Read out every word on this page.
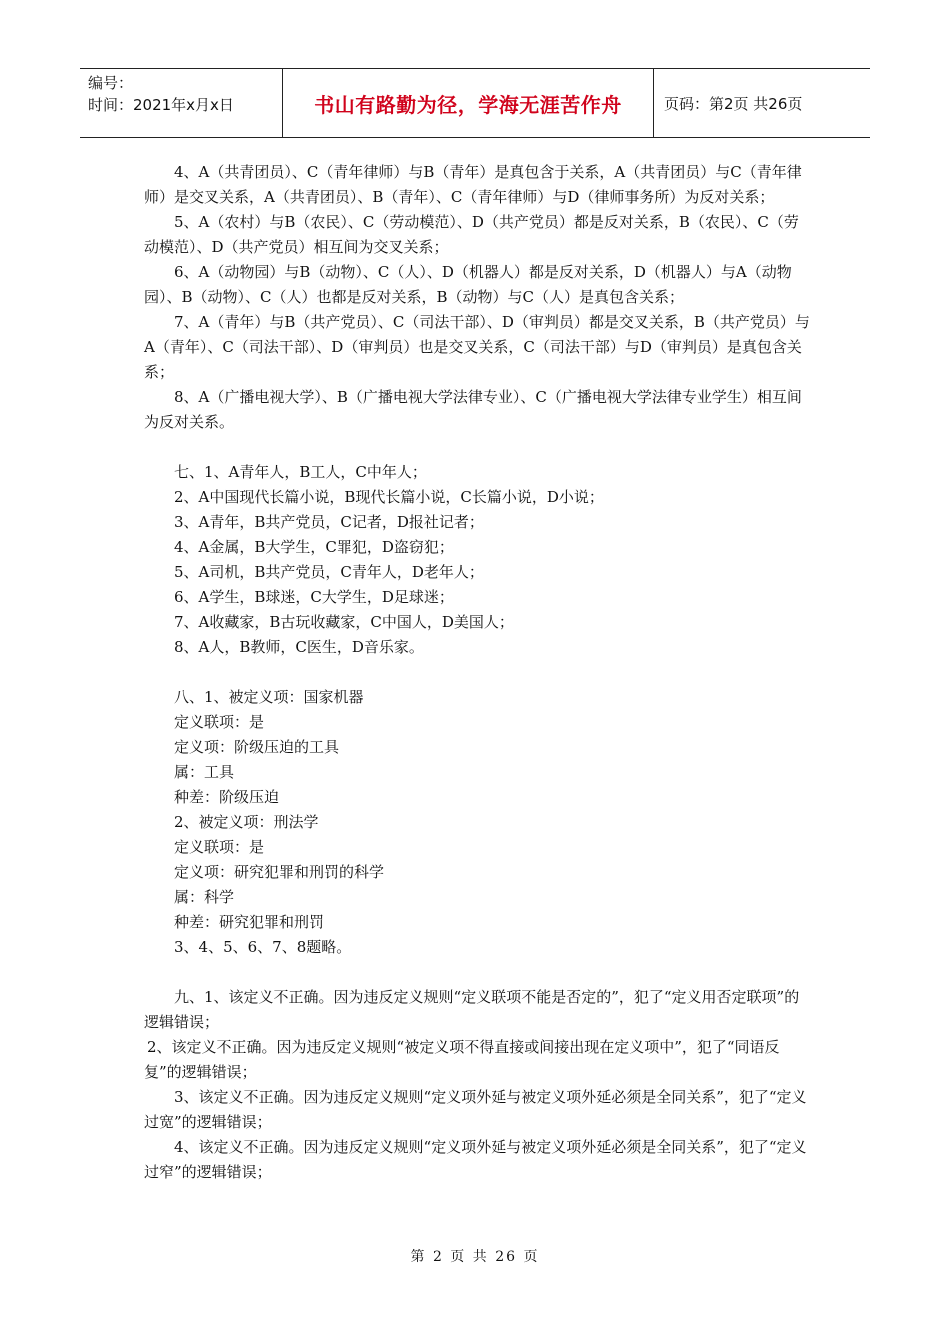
编号：
时间：2021年x月x日	书山有路勤为径，学海无涯苦作舟	页码：第2页 共26页

4、A（共青团员）、C（青年律师）与B（青年）是真包含于关系，A（共青团员）与C（青年律师）是交叉关系，A（共青团员）、B（青年）、C（青年律师）与D（律师事务所）为反对关系；

5、A（农村）与B（农民）、C（劳动模范）、D（共产党员）都是反对关系，B（农民）、C（劳动模范）、D（共产党员）相互间为交叉关系；

6、A（动物园）与B（动物）、C（人）、D（机器人）都是反对关系，D（机器人）与A（动物园）、B（动物）、C（人）也都是反对关系，B（动物）与C（人）是真包含关系；

7、A（青年）与B（共产党员）、C（司法干部）、D（审判员）都是交叉关系，B（共产党员）与A（青年）、C（司法干部）、D（审判员）也是交叉关系，C（司法干部）与D（审判员）是真包含关系；

8、A（广播电视大学）、B（广播电视大学法律专业）、C（广播电视大学法律专业学生）相互间为反对关系。

七、1、A青年人，B工人，C中年人；

2、A中国现代长篇小说，B现代长篇小说，C长篇小说，D小说；

3、A青年，B共产党员，C记者，D报社记者；

4、A金属，B大学生，C罪犯，D盗窃犯；

5、A司机，B共产党员，C青年人，D老年人；

6、A学生，B球迷，C大学生，D足球迷；

7、A收藏家，B古玩收藏家，C中国人，D美国人；

8、A人，B教师，C医生，D音乐家。

八、1、被定义项：国家机器

定义联项：是

定义项：阶级压迫的工具

属：工具

种差：阶级压迫

2、被定义项：刑法学

定义联项：是

定义项：研究犯罪和刑罚的科学

属：科学

种差：研究犯罪和刑罚

3、4、5、6、7、8题略。

九、1、该定义不正确。因为违反定义规则“定义联项不能是否定的”，犯了“定义用否定联项”的逻辑错误；

2、该定义不正确。因为违反定义规则“被定义项不得直接或间接出现在定义项中”，犯了“同语反复”的逻辑错误；

3、该定义不正确。因为违反定义规则“定义项外延与被定义项外延必须是全同关系”，犯了“定义过宽”的逻辑错误；

4、该定义不正确。因为违反定义规则“定义项外延与被定义项外延必须是全同关系”，犯了“定义过窄”的逻辑错误；

第 2 页 共 26 页
